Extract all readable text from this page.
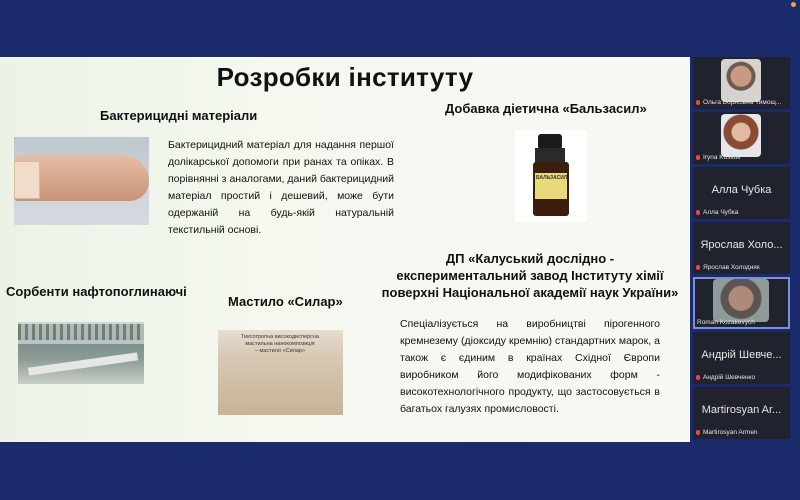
Розробки інституту
Бактерицидні матеріали
Бактерицидний матеріал для надання першої долікарської допомоги при ранах та опіках. В порівнянні з аналогами, даний бактерицидний матеріал простий і дешевий, може бути одержаній на будь-якій натуральній текстильній основі.
Добавка діетична «Бальзасил»
БАЛЬЗАСИЛ
ДП «Калуський дослідно - експериментальний завод Інституту хімії поверхні Національної академії наук України»
Сорбенти нафтопоглинаючі
Мастило «Силар»
Тиксотропна високодисперсна
мастильна нанокомпозиція
– мастило «Силар»
Спеціалізується на виробництві пірогенного кремнезему (діоксиду кремнію) стандартних марок, а також є єдиним в країнах Східної Європи виробником його модифікованих форм - високотехнологічного продукту, що застосовується в багатьох галузях промисловості.
Ольга Борисівна Тимощ...
Iryna Kostiuk
Алла Чубка
Алла Чубка
Ярослав Холо...
Ярослав Холодняк
Roman Kozakevych
Андрій Шевче...
Андрій Шевченко
Martirosyan Ar...
Martirosyan Armen
